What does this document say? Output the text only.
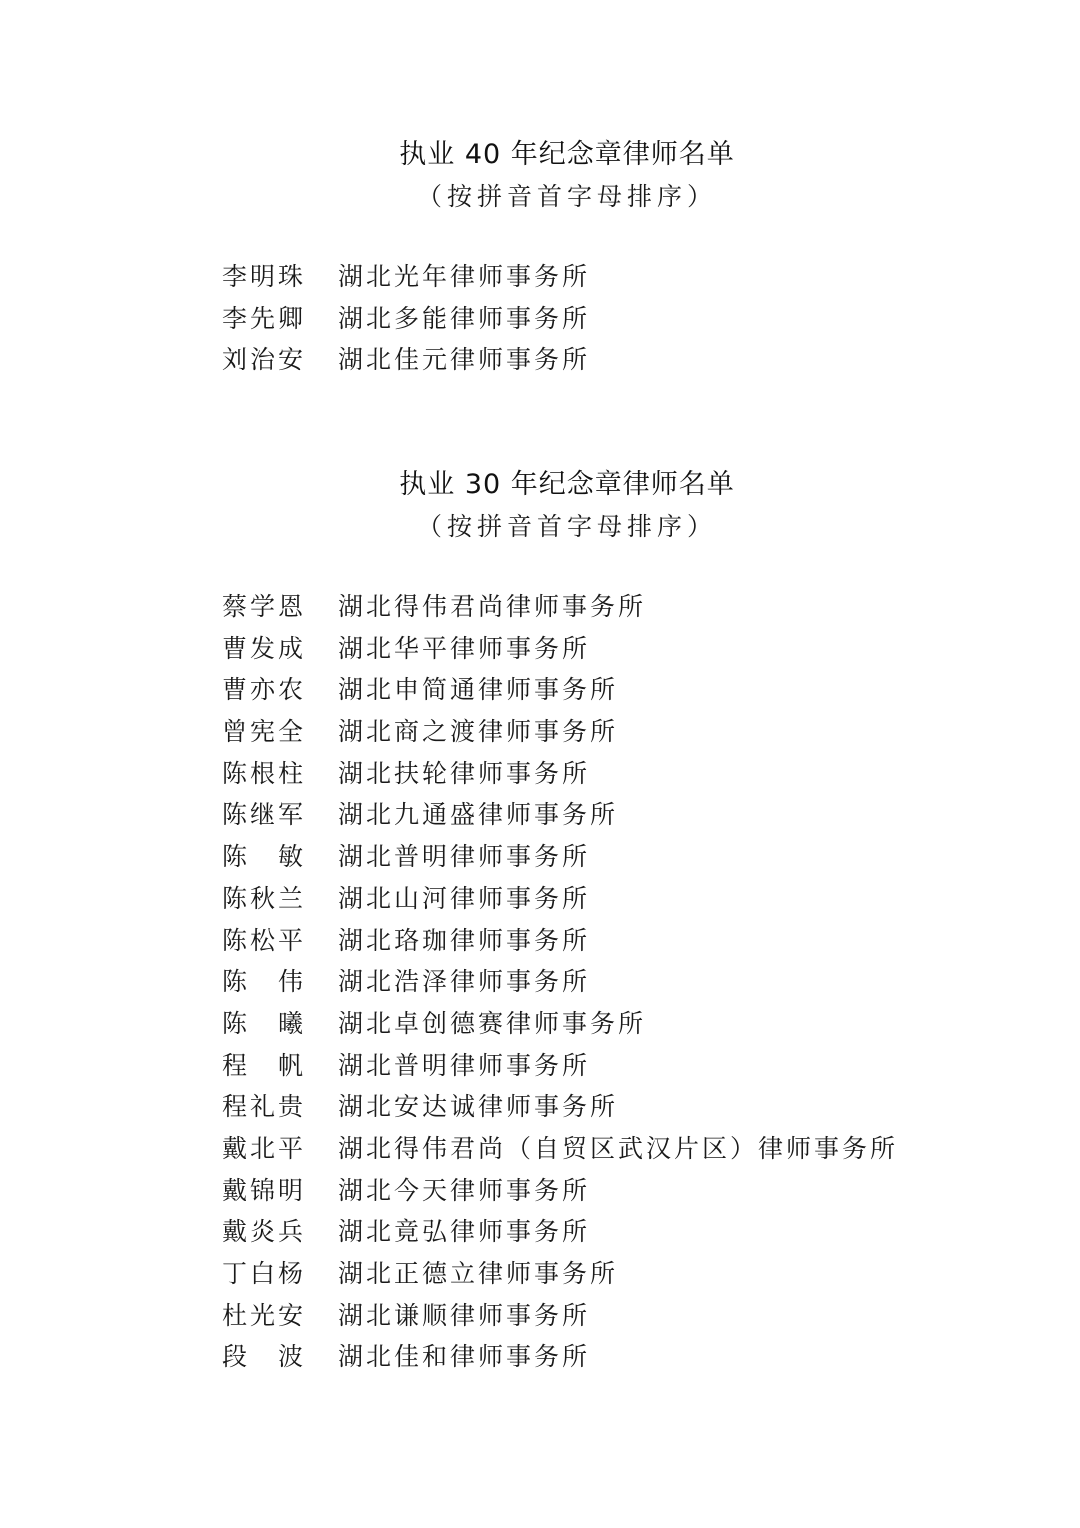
执业 40 年纪念章律师名单
（按拼音首字母排序）
李明珠 湖北光年律师事务所
李先卿 湖北多能律师事务所
刘治安 湖北佳元律师事务所
执业 30 年纪念章律师名单
（按拼音首字母排序）
蔡学恩 湖北得伟君尚律师事务所
曹发成 湖北华平律师事务所
曹亦农 湖北申简通律师事务所
曾宪全 湖北商之渡律师事务所
陈根柱 湖北扶轮律师事务所
陈继军 湖北九通盛律师事务所
陈　敏 湖北普明律师事务所
陈秋兰 湖北山河律师事务所
陈松平 湖北珞珈律师事务所
陈　伟 湖北浩泽律师事务所
陈　曦 湖北卓创德赛律师事务所
程　帆 湖北普明律师事务所
程礼贵 湖北安达诚律师事务所
戴北平 湖北得伟君尚（自贸区武汉片区）律师事务所
戴锦明 湖北今天律师事务所
戴炎兵 湖北竟弘律师事务所
丁白杨 湖北正德立律师事务所
杜光安 湖北谦顺律师事务所
段　波 湖北佳和律师事务所
